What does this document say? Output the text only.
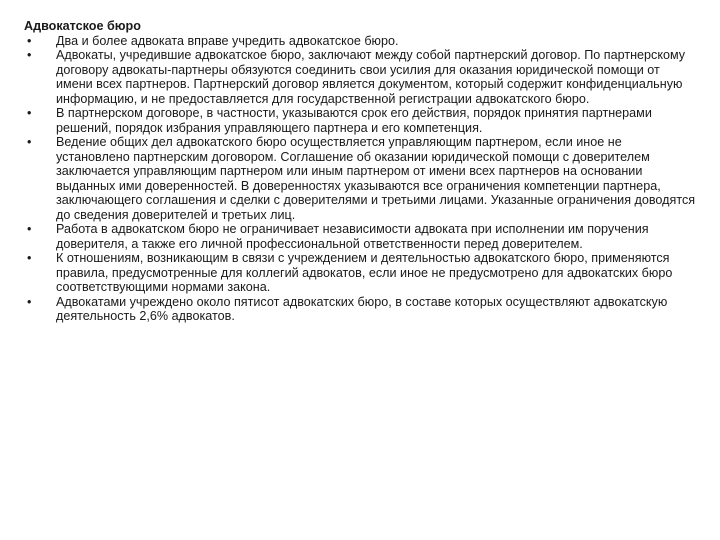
Адвокатское бюро
• Два и более адвоката вправе учредить адвокатское бюро.
• Адвокаты, учредившие адвокатское бюро, заключают между собой партнерский договор. По партнерскому договору адвокаты-партнеры обязуются соединить свои усилия для оказания юридической помощи от имени всех партнеров. Партнерский договор является документом, который содержит конфиденциальную информацию, и не предоставляется для государственной регистрации адвокатского бюро.
• В партнерском договоре, в частности, указываются срок его действия, порядок принятия партнерами решений, порядок избрания управляющего партнера и его компетенция.
• Ведение общих дел адвокатского бюро осуществляется управляющим партнером, если иное не установлено партнерским договором. Соглашение об оказании юридической помощи с доверителем заключается управляющим партнером или иным партнером от имени всех партнеров на основании выданных ими доверенностей. В доверенностях указываются все ограничения компетенции партнера, заключающего соглашения и сделки с доверителями и третьими лицами. Указанные ограничения доводятся до сведения доверителей и третьих лиц.
• Работа в адвокатском бюро не ограничивает независимости адвоката при исполнении им поручения доверителя, а также его личной профессиональной ответственности перед доверителем.
• К отношениям, возникающим в связи с учреждением и деятельностью адвокатского бюро, применяются правила, предусмотренные для коллегий адвокатов, если иное не предусмотрено для адвокатских бюро соответствующими нормами закона.
• Адвокатами учреждено около пятисот адвокатских бюро, в составе которых осуществляют адвокатскую деятельность 2,6% адвокатов.
